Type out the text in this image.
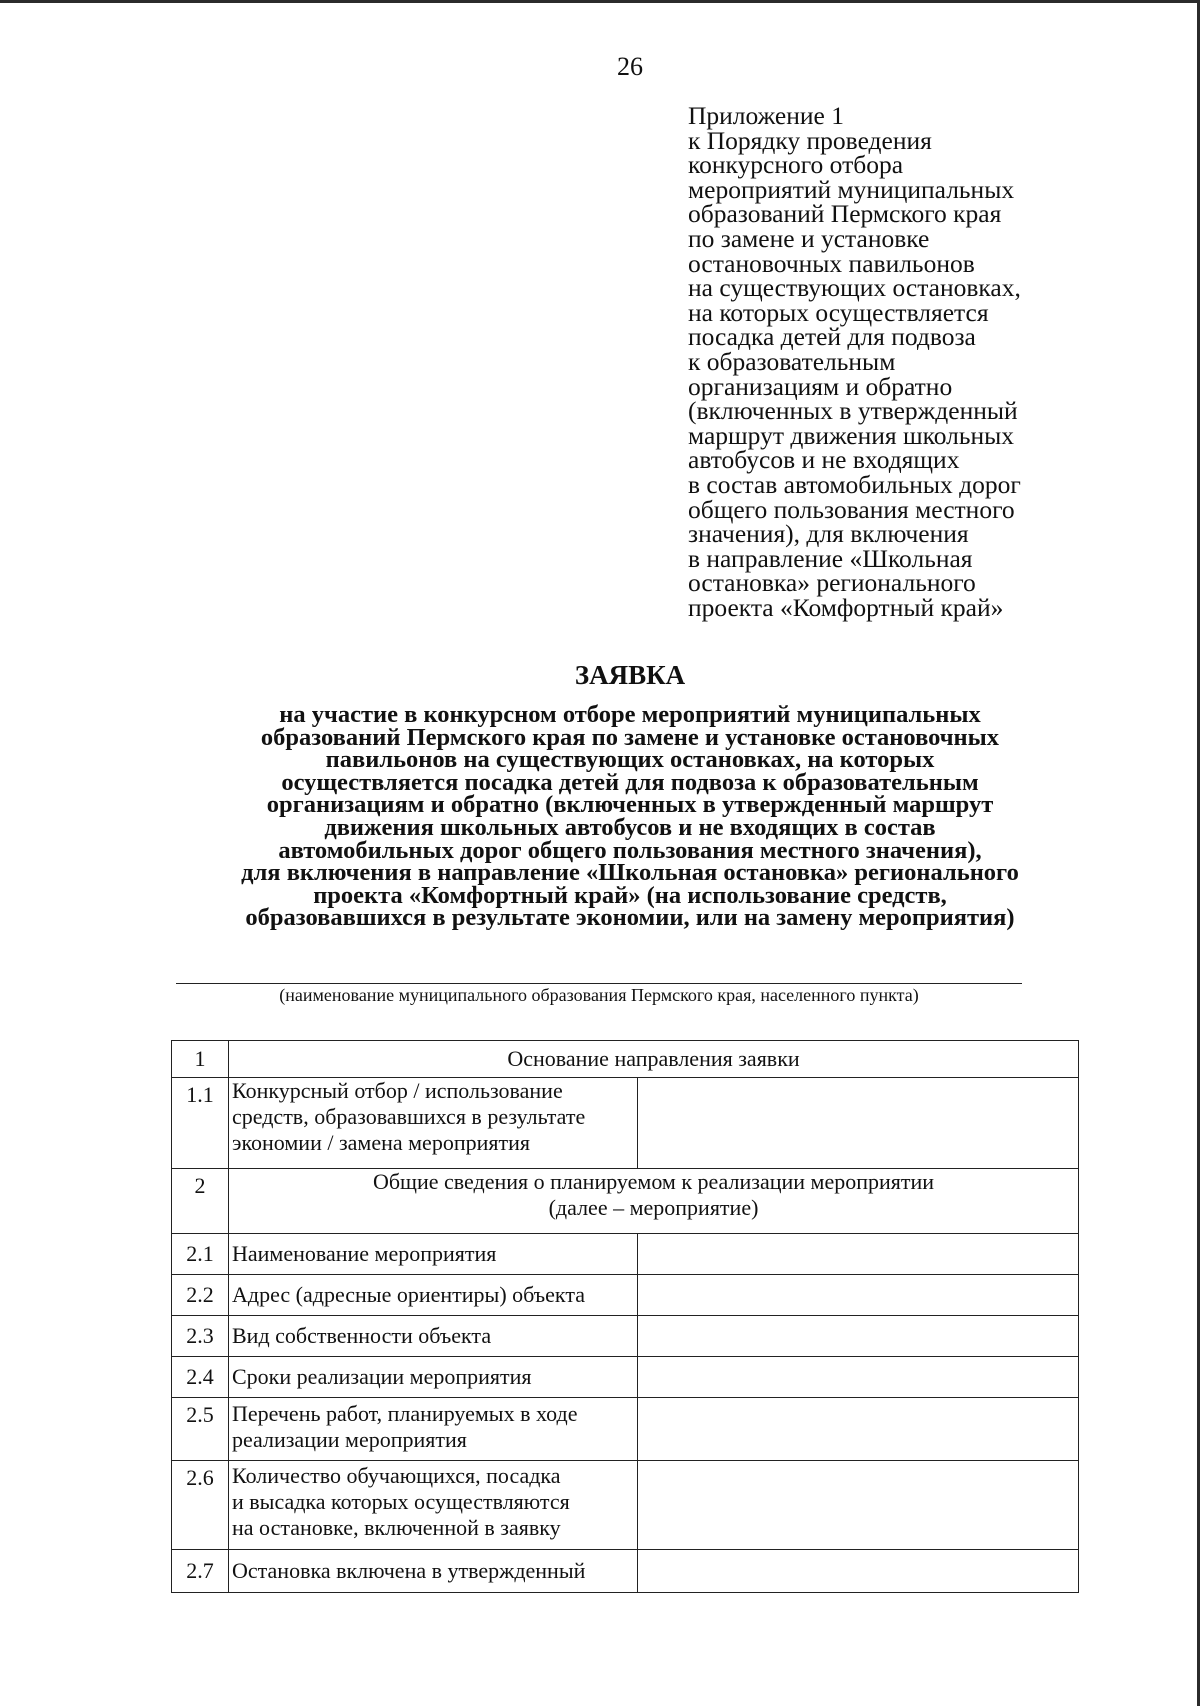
26
Приложение 1
к Порядку проведения
конкурсного отбора
мероприятий муниципальных
образований Пермского края
по замене и установке
остановочных павильонов
на существующих остановках,
на которых осуществляется
посадка детей для подвоза
к образовательным
организациям и обратно
(включенных в утвержденный
маршрут движения школьных
автобусов и не входящих
в состав автомобильных дорог
общего пользования местного
значения), для включения
в направление «Школьная
остановка» регионального
проекта «Комфортный край»
ЗАЯВКА
на участие в конкурсном отборе мероприятий муниципальных
образований Пермского края по замене и установке остановочных
павильонов на существующих остановках, на которых
осуществляется посадка детей для подвоза к образовательным
организациям и обратно (включенных в утвержденный маршрут
движения школьных автобусов и не входящих в состав
автомобильных дорог общего пользования местного значения),
для включения в направление «Школьная остановка» регионального
проекта «Комфортный край» (на использование средств,
образовавшихся в результате экономии, или на замену мероприятия)
(наименование муниципального образования Пермского края, населенного пункта)
1	Основание направления заявки	
1.1	Конкурсный отбор / использование
средств, образовавшихся в результате
экономии / замена мероприятия	

2	Общие сведения о планируемом к реализации мероприятии
(далее – мероприятие)	

2.1	Наименование мероприятия	
2.2	Адрес (адресные ориентиры) объекта	
2.3	Вид собственности объекта	
2.4	Сроки реализации мероприятия	
2.5	Перечень работ, планируемых в ходе
реализации мероприятия	

2.6	Количество обучающихся, посадка
и высадка которых осуществляются
на остановке, включенной в заявку	

2.7	Остановка включена в утвержденный	
